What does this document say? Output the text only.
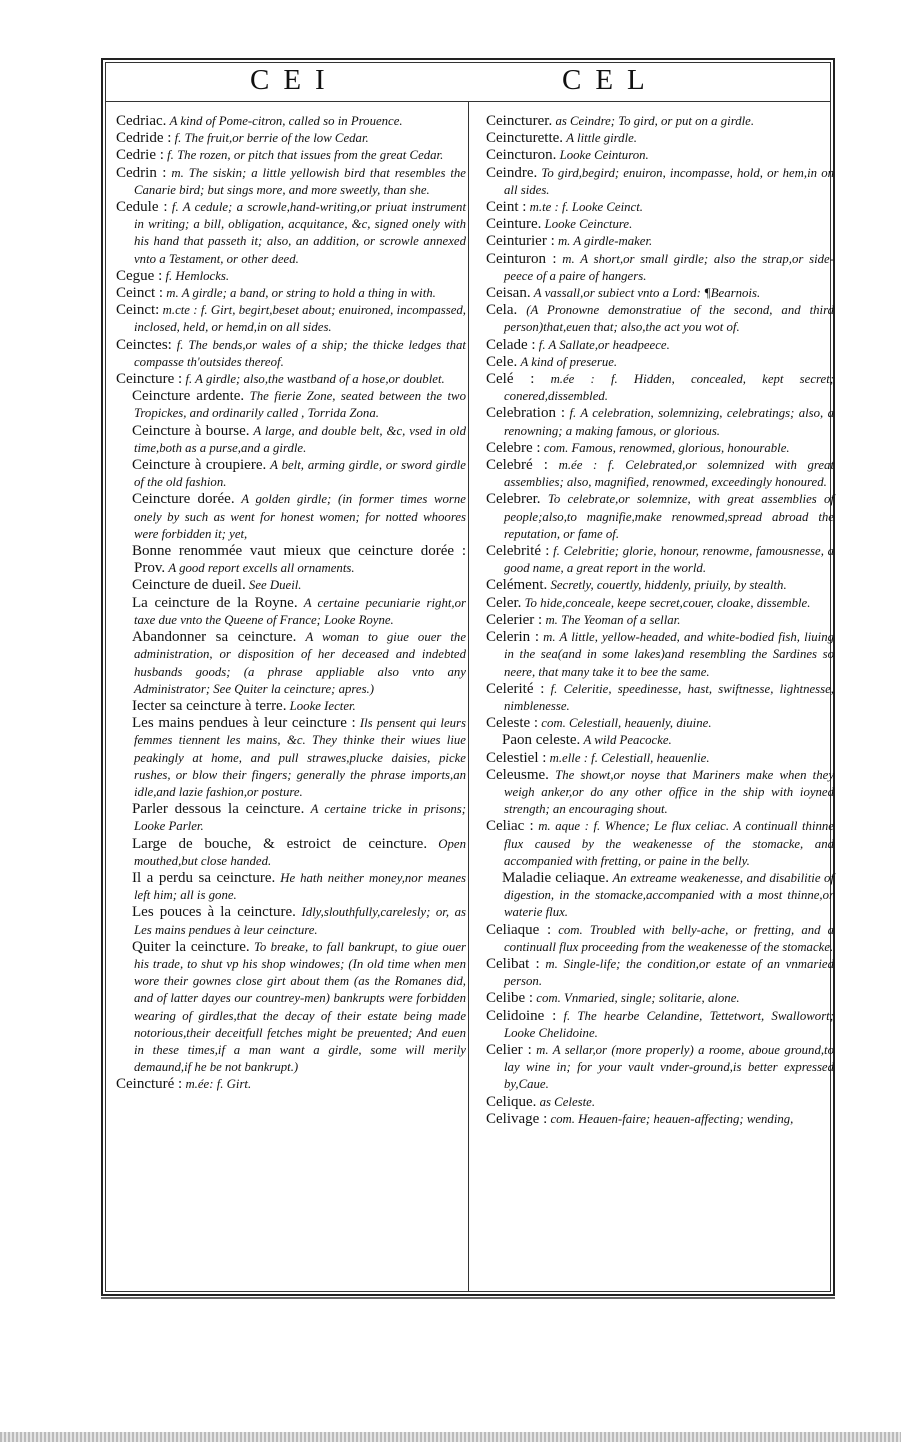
CEI	CEL

Cedriac. A kind of Pome-citron, called so in Prouence.

Cedride : f. The fruit,or berrie of the low Cedar.

Cedrie : f. The rozen, or pitch that issues from the great Cedar.

Cedrin : m. The siskin; a little yellowish bird that resembles the Canarie bird; but sings more, and more sweetly, than she.

Cedule : f. A cedule; a scrowle,hand-writing,or priuat instrument in writing; a bill, obligation, acquitance, &c, signed onely with his hand that passeth it; also, an addition, or scrowle annexed vnto a Testament, or other deed.

Cegue : f. Hemlocks.

Ceinct : m. A girdle; a band, or string to hold a thing in with.

Ceinct: m.cte : f. Girt, begirt,beset about; enuironed, incompassed, inclosed, held, or hemd,in on all sides.

Ceinctes: f. The bends,or wales of a ship; the thicke ledges that compasse th'outsides thereof.

Ceincture : f. A girdle; also,the wastband of a hose,or doublet.

Ceincture ardente. The fierie Zone, seated between the two Tropickes, and ordinarily called , Torrida Zona.

Ceincture à bourse. A large, and double belt, &c, vsed in old time,both as a purse,and a girdle.

Ceincture à croupiere. A belt, arming girdle, or sword girdle of the old fashion.

Ceincture dorée. A golden girdle; (in former times worne onely by such as went for honest women; for notted whoores were forbidden it; yet,

Bonne renommée vaut mieux que ceincture dorée : Prov. A good report excells all ornaments.

Ceincture de dueil. See Dueil.

La ceincture de la Royne. A certaine pecuniarie right,or taxe due vnto the Queene of France; Looke Royne.

Abandonner sa ceincture. A woman to giue ouer the administration, or disposition of her deceased and indebted husbands goods; (a phrase appliable also vnto any Administrator; See Quiter la ceincture; apres.)

Iecter sa ceincture à terre. Looke Iecter.

Les mains pendues à leur ceincture : Ils pensent qui leurs femmes tiennent les mains, &c. They thinke their wiues liue peakingly at home, and pull strawes,plucke daisies, picke rushes, or blow their fingers; generally the phrase imports,an idle,and lazie fashion,or posture.

Parler dessous la ceincture. A certaine tricke in prisons; Looke Parler.

Large de bouche, & estroict de ceincture. Open mouthed,but close handed.

Il a perdu sa ceincture. He hath neither money,nor meanes left him; all is gone.

Les pouces à la ceincture. Idly,slouthfully,carelesly; or, as Les mains pendues à leur ceincture.

Quiter la ceincture. To breake, to fall bankrupt, to giue ouer his trade, to shut vp his shop windowes; (In old time when men wore their gownes close girt about them (as the Romanes did, and of latter dayes our countrey-men) bankrupts were forbidden wearing of girdles,that the decay of their estate being made notorious,their deceitfull fetches might be preuented; And euen in these times,if a man want a girdle, some will merily demaund,if he be not bankrupt.)

Ceincturé : m.ée: f. Girt.

Ceincturer. as Ceindre; To gird, or put on a girdle.

Ceincturette. A little girdle.

Ceincturon. Looke Ceinturon.

Ceindre. To gird,begird; enuiron, incompasse, hold, or hem,in on all sides.

Ceint : m.te : f. Looke Ceinct.

Ceinture. Looke Ceincture.

Ceinturier : m. A girdle-maker.

Ceinturon : m. A short,or small girdle; also the strap,or side-peece of a paire of hangers.

Ceisan. A vassall,or subiect vnto a Lord: ¶Bearnois.

Cela. (A Pronowne demonstratiue of the second, and third person)that,euen that; also,the act you wot of.

Celade : f. A Sallate,or headpeece.

Cele. A kind of preserue.

Celé : m.ée : f. Hidden, concealed, kept secret; conered,dissembled.

Celebration : f. A celebration, solemnizing, celebratings; also, a renowning; a making famous, or glorious.

Celebre : com. Famous, renowmed, glorious, honourable.

Celebré : m.ée : f. Celebrated,or solemnized with great assemblies; also, magnified, renowmed, exceedingly honoured.

Celebrer. To celebrate,or solemnize, with great assemblies of people;also,to magnifie,make renowmed,spread abroad the reputation, or fame of.

Celebrité : f. Celebritie; glorie, honour, renowme, famousnesse, a good name, a great report in the world.

Celément. Secretly, couertly, hiddenly, priuily, by stealth.

Celer. To hide,conceale, keepe secret,couer, cloake, dissemble.

Celerier : m. The Yeoman of a sellar.

Celerin : m. A little, yellow-headed, and white-bodied fish, liuing in the sea(and in some lakes)and resembling the Sardines so neere, that many take it to bee the same.

Celerité : f. Celeritie, speedinesse, hast, swiftnesse, lightnesse, nimblenesse.

Celeste : com. Celestiall, heauenly, diuine.

Paon celeste. A wild Peacocke.

Celestiel : m.elle : f. Celestiall, heauenlie.

Celeusme. The showt,or noyse that Mariners make when they weigh anker,or do any other office in the ship with ioyned strength; an encouraging shout.

Celiac : m. aque : f. Whence; Le flux celiac. A continuall thinne flux caused by the weakenesse of the stomacke, and accompanied with fretting, or paine in the belly.

Maladie celiaque. An extreame weakenesse, and disabilitie of digestion, in the stomacke,accompanied with a most thinne,or waterie flux.

Celiaque : com. Troubled with belly-ache, or fretting, and a continuall flux proceeding from the weakenesse of the stomacke.

Celibat : m. Single-life; the condition,or estate of an vnmaried person.

Celibe : com. Vnmaried, single; solitarie, alone.

Celidoine : f. The hearbe Celandine, Tettetwort, Swallowort; Looke Chelidoine.

Celier : m. A sellar,or (more properly) a roome, aboue ground,to lay wine in; for your vault vnder-ground,is better expressed by,Caue.

Celique. as Celeste.

Celivage : com. Heauen-faire; heauen-affecting; wending,
